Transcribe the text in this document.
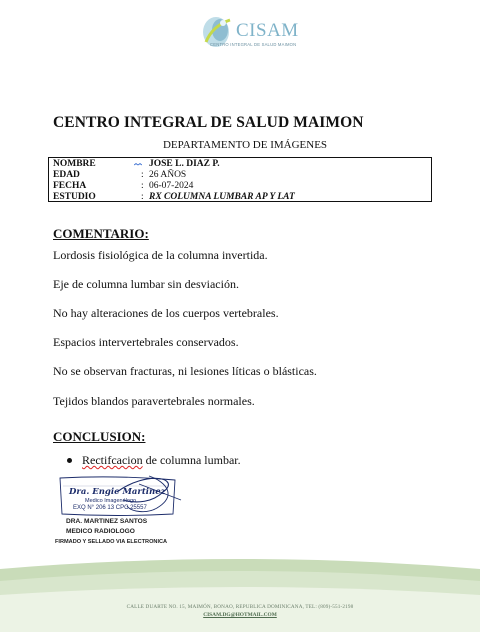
CISAM
CENTRO INTEGRAL DE SALUD MAIMON
CENTRO INTEGRAL DE SALUD MAIMON
DEPARTAMENTO DE IMÁGENES
NOMBRE	JOSE L. DIAZ P.
EDAD	: 26 AÑOS
FECHA	: 06-07-2024
ESTUDIO	: RX COLUMNA LUMBAR AP Y LAT
COMENTARIO:
Lordosis fisiológica de la columna invertida.
Eje de columna lumbar sin desviación.
No hay alteraciones de los cuerpos vertebrales.
Espacios intervertebrales conservados.
No se observan fracturas, ni lesiones líticas o blásticas.
Tejidos blandos paravertebrales normales.
CONCLUSION:
Rectifcacion de columna lumbar.
Dra. Engie Martinez
Medico Imagenólogo
EXQ N° 206 13 CPC 25557
DRA. MARTINEZ SANTOS
MEDICO RADIOLOGO
FIRMADO Y SELLADO VIA ELECTRONICA
CALLE DUARTE NO. 15, MAIMÓN, BONAO, REPUBLICA DOMINICANA, TEL: (809)-551-2198
CISAM.DG@HOTMAIL.COM
